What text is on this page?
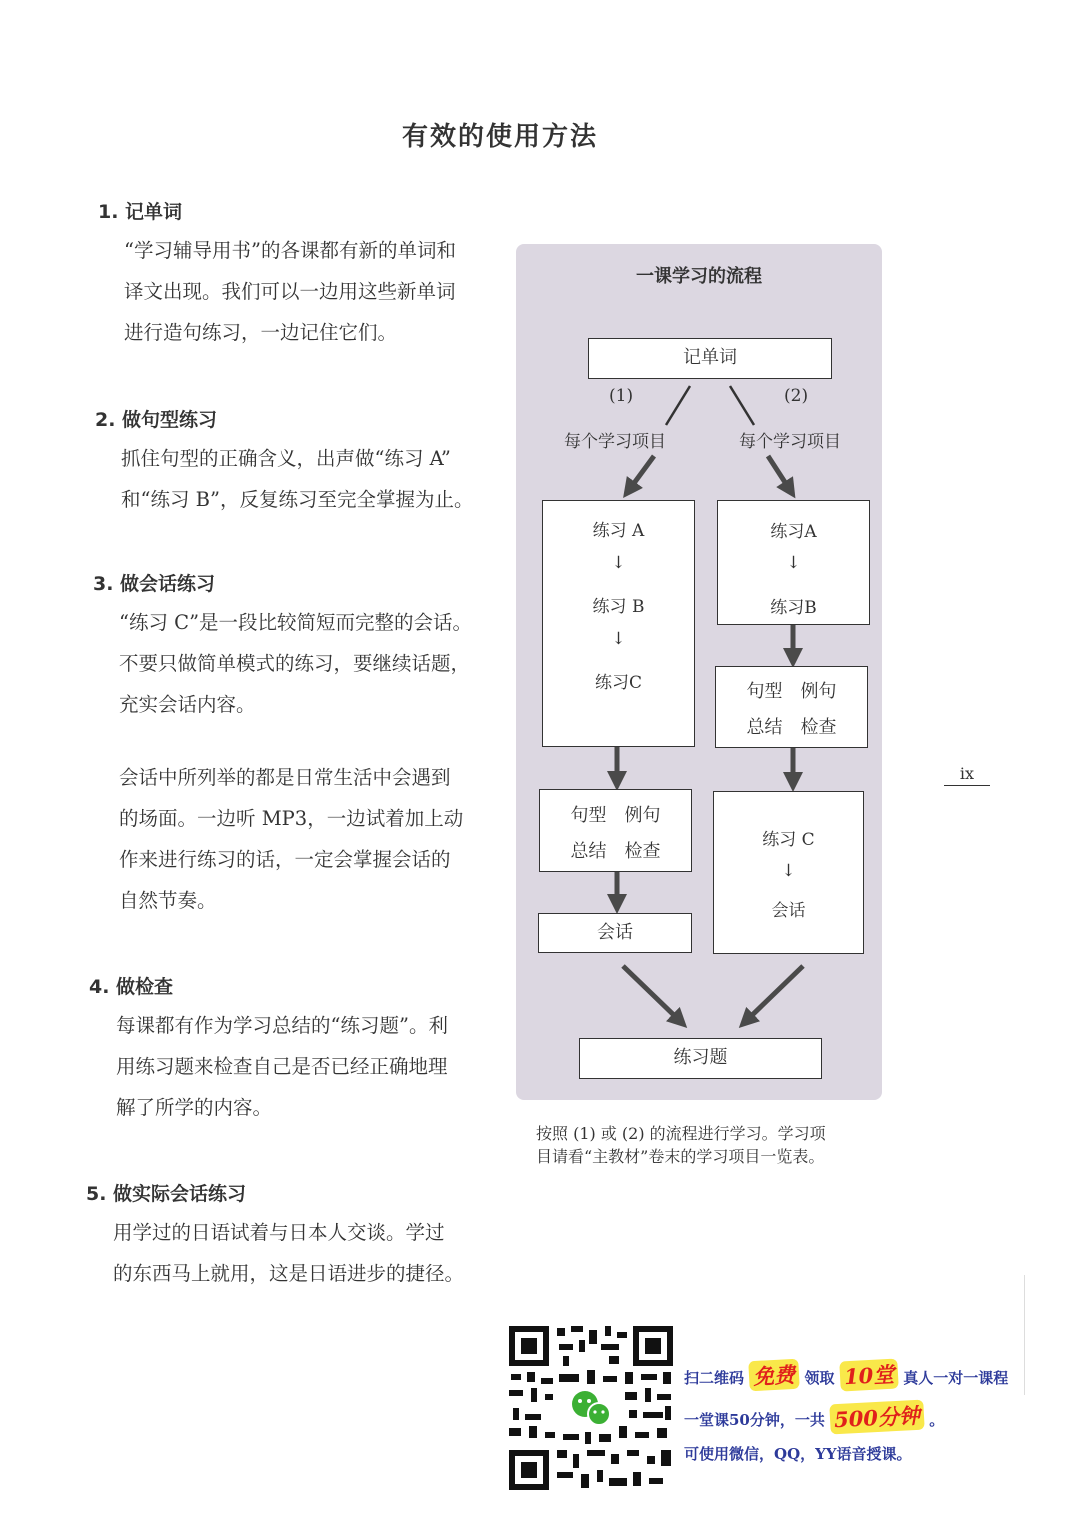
有效的使用方法
1. 记单词

“学习辅导用书”的各课都有新的单词和

译文出现。我们可以一边用这些新单词

进行造句练习，一边记住它们。

2. 做句型练习

抓住句型的正确含义，出声做“练习 A”

和“练习 B”，反复练习至完全掌握为止。

3. 做会话练习

“练习 C”是一段比较简短而完整的会话。

不要只做简单模式的练习，要继续话题，

充实会话内容。

会话中所列举的都是日常生活中会遇到

的场面。一边听 MP3，一边试着加上动

作来进行练习的话，一定会掌握会话的

自然节奏。

4. 做检查

每课都有作为学习总结的“练习题”。利

用练习题来检查自己是否已经正确地理

解了所学的内容。

5. 做实际会话练习

用学过的日语试着与日本人交谈。学过

的东西马上就用，这是日语进步的捷径。

一课学习的流程
记单词
(1)	(2)
每个学习项目	每个学习项目
练习 A
↓
练习 B
↓
练习C
练习A
↓
练习B
句型　例句
总结　检查
句型　例句
总结　检查
练习 C
↓
会话
会话
练习题
按照 (1) 或 (2) 的流程进行学习。学习项
目请看“主教材”卷末的学习项目一览表。
ix
扫二维码 免费 领取 10堂 真人一对一课程
一堂课50分钟，一共 500分钟 。
可使用微信，QQ，YY语音授课。
